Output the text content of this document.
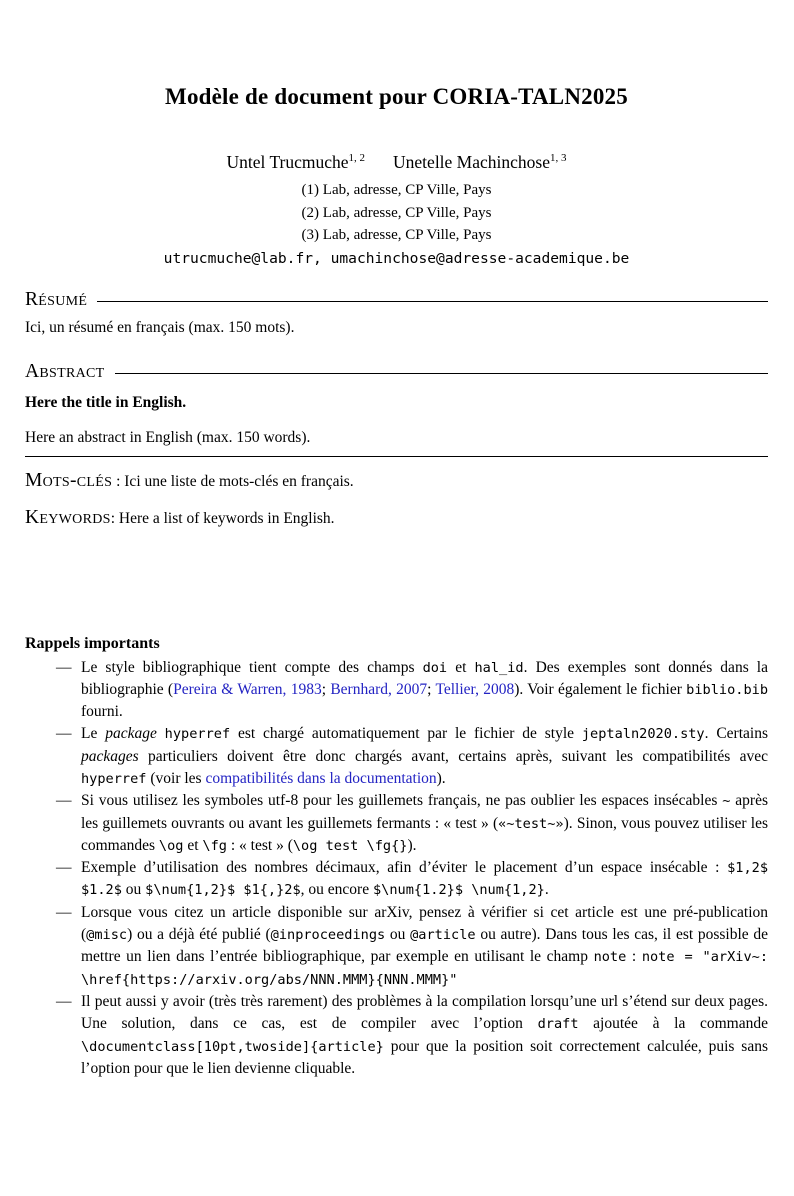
Modèle de document pour CORIA-TALN2025
Untel Trucmuche$^{1, 2}$ Unetelle Machinchose$^{1, 3}$
(1) Lab, adresse, CP Ville, Pays
(2) Lab, adresse, CP Ville, Pays
(3) Lab, adresse, CP Ville, Pays
utrucmuche@lab.fr, umachinchose@adresse-academique.be
Résumé

Ici, un résumé en français (max. 150 mots).

Abstract

Here the title in English.

Here an abstract in English (max. 150 words).

Mots-clés : Ici une liste de mots-clés en français.

Keywords: Here a list of keywords in English.

Rappels importants

— Le style bibliographique tient compte des champs doi et hal_id. Des exemples sont donnés dans la bibliographie (Pereira & Warren, 1983; Bernhard, 2007; Tellier, 2008). Voir également le fichier biblio.bib fourni.
— Le package hyperref est chargé automatiquement par le fichier de style jeptaln2020.sty. Certains packages particuliers doivent être donc chargés avant, certains après, suivant les compatibilités avec hyperref (voir les compatibilités dans la documentation).
— Si vous utilisez les symboles utf-8 pour les guillemets français, ne pas oublier les espaces insécables ~ après les guillemets ouvrants ou avant les guillemets fermants : « test » («~test~»). Sinon, vous pouvez utiliser les commandes \og et \fg : « test » (\og test \fg{}).
— Exemple d’utilisation des nombres décimaux, afin d’éviter le placement d’un espace insécable : $1,2$ $1.2$ ou $\num{1,2}$ $1{,}2$, ou encore $\num{1.2}$ \num{1,2}.
— Lorsque vous citez un article disponible sur arXiv, pensez à vérifier si cet article est une pré-publication (@misc) ou a déjà été publié (@inproceedings ou @article ou autre). Dans tous les cas, il est possible de mettre un lien dans l’entrée bibliographique, par exemple en utilisant le champ note : note = "arXiv~: \href{https://arxiv.org/abs/NNN.MMM}{NNN.MMM}"
— Il peut aussi y avoir (très très rarement) des problèmes à la compilation lorsqu’une url s’étend sur deux pages. Une solution, dans ce cas, est de compiler avec l’option draft ajoutée à la commande \documentclass[10pt,twoside]{article} pour que la position soit correctement calculée, puis sans l’option pour que le lien devienne cliquable.
